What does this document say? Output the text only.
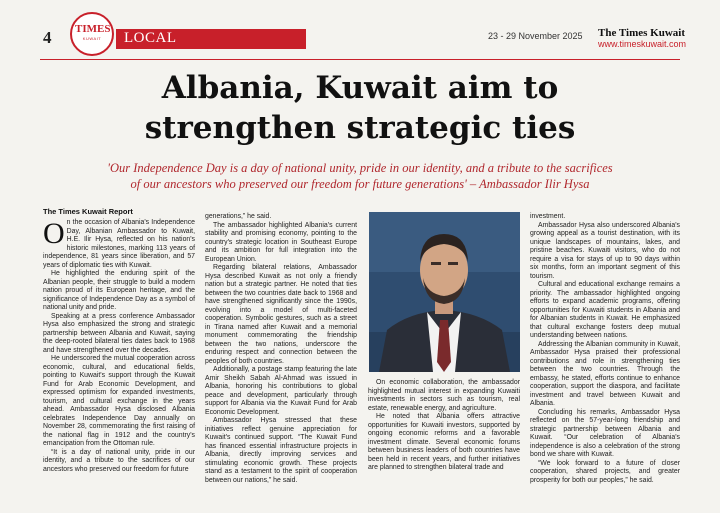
4 TIMES
KUWAIT	LOCAL	23 - 29 November 2025 The Times Kuwait
www.timeskuwait.com
Albania, Kuwait aim to
strengthen strategic ties
'Our Independence Day is a day of national unity, pride in our identity, and a tribute to the sacrifices
of our ancestors who preserved our freedom for future generations' – Ambassador Ilir Hysa
The Times Kuwait Report

On the occasion of Albania's Independence Day, Albanian Ambassador to Kuwait, H.E. Ilir Hysa, reflected on his nation's historic milestones, marking 113 years of independence, 81 years since liberation, and 57 years of diplomatic ties with Kuwait.

He highlighted the enduring spirit of the Albanian people, their struggle to build a modern nation proud of its European heritage, and the significance of Independence Day as a symbol of national unity and pride.

Speaking at a press conference Ambassador Hysa also emphasized the strong and strategic partnership between Albania and Kuwait, saying the deep-rooted bilateral ties dates back to 1968 and have strengthened over the decades.

He underscored the mutual cooperation across economic, cultural, and educational fields, pointing to Kuwait's support through the Kuwait Fund for Arab Economic Development, and expressed optimism for expanded investments, tourism, and cultural exchange in the years ahead. Ambassador Hysa disclosed Albania celebrates Independence Day annually on November 28, commemorating the first raising of the national flag in 1912 and the country's emancipation from the Ottoman rule.

“It is a day of national unity, pride in our identity, and a tribute to the sacrifices of our ancestors who preserved our freedom for future

generations,” he said.

The ambassador highlighted Albania's current stability and promising economy, pointing to the country's strategic location in Southeast Europe and its ambition for full integration into the European Union.

Regarding bilateral relations, Ambassador Hysa described Kuwait as not only a friendly nation but a strategic partner. He noted that ties between the two countries date back to 1968 and have strengthened significantly since the 1990s, evolving into a model of multi-faceted cooperation. Symbolic gestures, such as a street in Tirana named after Kuwait and a memorial monument commemorating the friendship between the two nations, underscore the enduring respect and connection between the peoples of both countries.

Additionally, a postage stamp featuring the late Amir Sheikh Sabah Al-Ahmad was issued in Albania, honoring his contributions to global peace and development, particularly through support for Albania via the Kuwait Fund for Arab Economic Development.

Ambassador Hysa stressed that these initiatives reflect genuine appreciation for Kuwait's continued support. “The Kuwait Fund has financed essential infrastructure projects in Albania, directly improving services and stimulating economic growth. These projects stand as a testament to the spirit of cooperation between our nations,” he said.

On economic collaboration, the ambassador highlighted mutual interest in expanding Kuwaiti investments in sectors such as tourism, real estate, renewable energy, and agriculture.

He noted that Albania offers attractive opportunities for Kuwaiti investors, supported by ongoing economic reforms and a favorable investment climate. Several economic forums between business leaders of both countries have been held in recent years, and further initiatives are planned to strengthen bilateral trade and

investment.

Ambassador Hysa also underscored Albania's growing appeal as a tourist destination, with its unique landscapes of mountains, lakes, and pristine beaches. Kuwaiti visitors, who do not require a visa for stays of up to 90 days within six months, form an important segment of this tourism.

Cultural and educational exchange remains a priority. The ambassador highlighted ongoing efforts to expand academic programs, offering opportunities for Kuwaiti students in Albania and for Albanian students in Kuwait. He emphasized that cultural exchange fosters deep mutual understanding between nations.

Addressing the Albanian community in Kuwait, Ambassador Hysa praised their professional contributions and role in strengthening ties between the two countries. Through the embassy, he stated, efforts continue to enhance cooperation, support the diaspora, and facilitate investment and travel between Kuwait and Albania.

Concluding his remarks, Ambassador Hysa reflected on the 57-year-long friendship and strategic partnership between Albania and Kuwait. “Our celebration of Albania's independence is also a celebration of the strong bond we share with Kuwait.

“We look forward to a future of closer cooperation, shared projects, and greater prosperity for both our peoples,” he said.
